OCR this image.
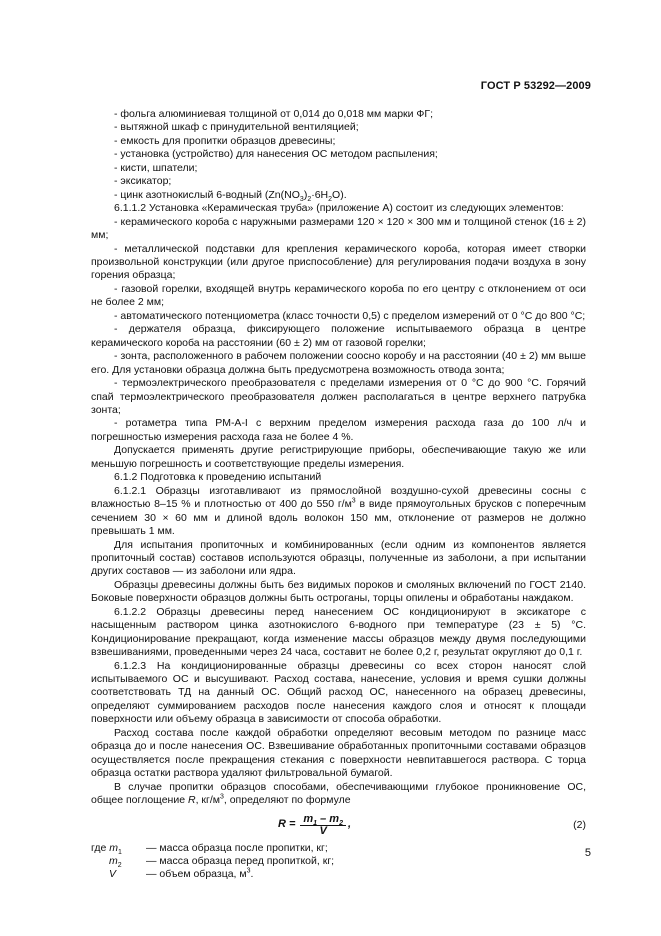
ГОСТ Р 53292—2009

- фольга алюминиевая толщиной от 0,014 до 0,018 мм марки ФГ;

- вытяжной шкаф с принудительной вентиляцией;

- емкость для пропитки образцов древесины;

- установка (устройство) для нанесения ОС методом распыления;

- кисти, шпатели;

- эксикатор;

- цинк азотнокислый 6-водный $(Zn(NO_3)_2\cdot 6H_2O)$.

6.1.1.2 Установка «Керамическая труба» (приложение А) состоит из следующих элементов:

- керамического короба с наружными размерами 120 × 120 × 300 мм и толщиной стенок (16 ± 2) мм;

- металлической подставки для крепления керамического короба, которая имеет створки произвольной конструкции (или другое приспособление) для регулирования подачи воздуха в зону горения образца;

- газовой горелки, входящей внутрь керамического короба по его центру с отклонением от оси не более 2 мм;

- автоматического потенциометра (класс точности 0,5) с пределом измерений от 0 °С до 800 °С;

- держателя образца, фиксирующего положение испытываемого образца в центре керамического короба на расстоянии (60 ± 2) мм от газовой горелки;

- зонта, расположенного в рабочем положении соосно коробу и на расстоянии (40 ± 2) мм выше его. Для установки образца должна быть предусмотрена возможность отвода зонта;

- термоэлектрического преобразователя с пределами измерения от 0 °С до 900 °С. Горячий спай термоэлектрического преобразователя должен располагаться в центре верхнего патрубка зонта;

- ротаметра типа РМ-А-I с верхним пределом измерения расхода газа до 100 л/ч и погрешностью измерения расхода газа не более 4 %.

Допускается применять другие регистрирующие приборы, обеспечивающие такую же или меньшую погрешность и соответствующие пределы измерения.

6.1.2 Подготовка к проведению испытаний

6.1.2.1 Образцы изготавливают из прямослойной воздушно-сухой древесины сосны с влажностью 8–15 % и плотностью от 400 до 550 $г/м^3$ в виде прямоугольных брусков с поперечным сечением 30 × 60 мм и длиной вдоль волокон 150 мм, отклонение от размеров не должно превышать 1 мм.

Для испытания пропиточных и комбинированных (если одним из компонентов является пропиточный состав) составов используются образцы, полученные из заболони, а при испытании других составов — из заболони или ядра.

Образцы древесины должны быть без видимых пороков и смоляных включений по ГОСТ 2140. Боковые поверхности образцов должны быть остроганы, торцы опилены и обработаны наждаком.

6.1.2.2 Образцы древесины перед нанесением ОС кондиционируют в эксикаторе с насыщенным раствором цинка азотнокислого 6-водного при температуре (23 ± 5) °С. Кондиционирование прекращают, когда изменение массы образцов между двумя последующими взвешиваниями, проведенными через 24 часа, составит не более 0,2 г, результат округляют до 0,1 г.

6.1.2.3 На кондиционированные образцы древесины со всех сторон наносят слой испытываемого ОС и высушивают. Расход состава, нанесение, условия и время сушки должны соответствовать ТД на данный ОС. Общий расход ОС, нанесенного на образец древесины, определяют суммированием расходов после нанесения каждого слоя и относят к площади поверхности или объему образца в зависимости от способа обработки.

Расход состава после каждой обработки определяют весовым методом по разнице масс образца до и после нанесения ОС. Взвешивание обработанных пропиточными составами образцов осуществляется после прекращения стекания с поверхности невпитавшегося раствора. С торца образца остатки раствора удаляют фильтровальной бумагой.

В случае пропитки образцов способами, обеспечивающими глубокое проникновение ОС, общее поглощение R, $кг/м^3$, определяют по формуле

$R = \frac{m_1 - m_2}{V}$ ,	(2)
где $m_1$ — масса образца после пропитки, кг;
$m_2$ — масса образца перед пропиткой, кг;
V	— объем образца, $м^3$.
5
